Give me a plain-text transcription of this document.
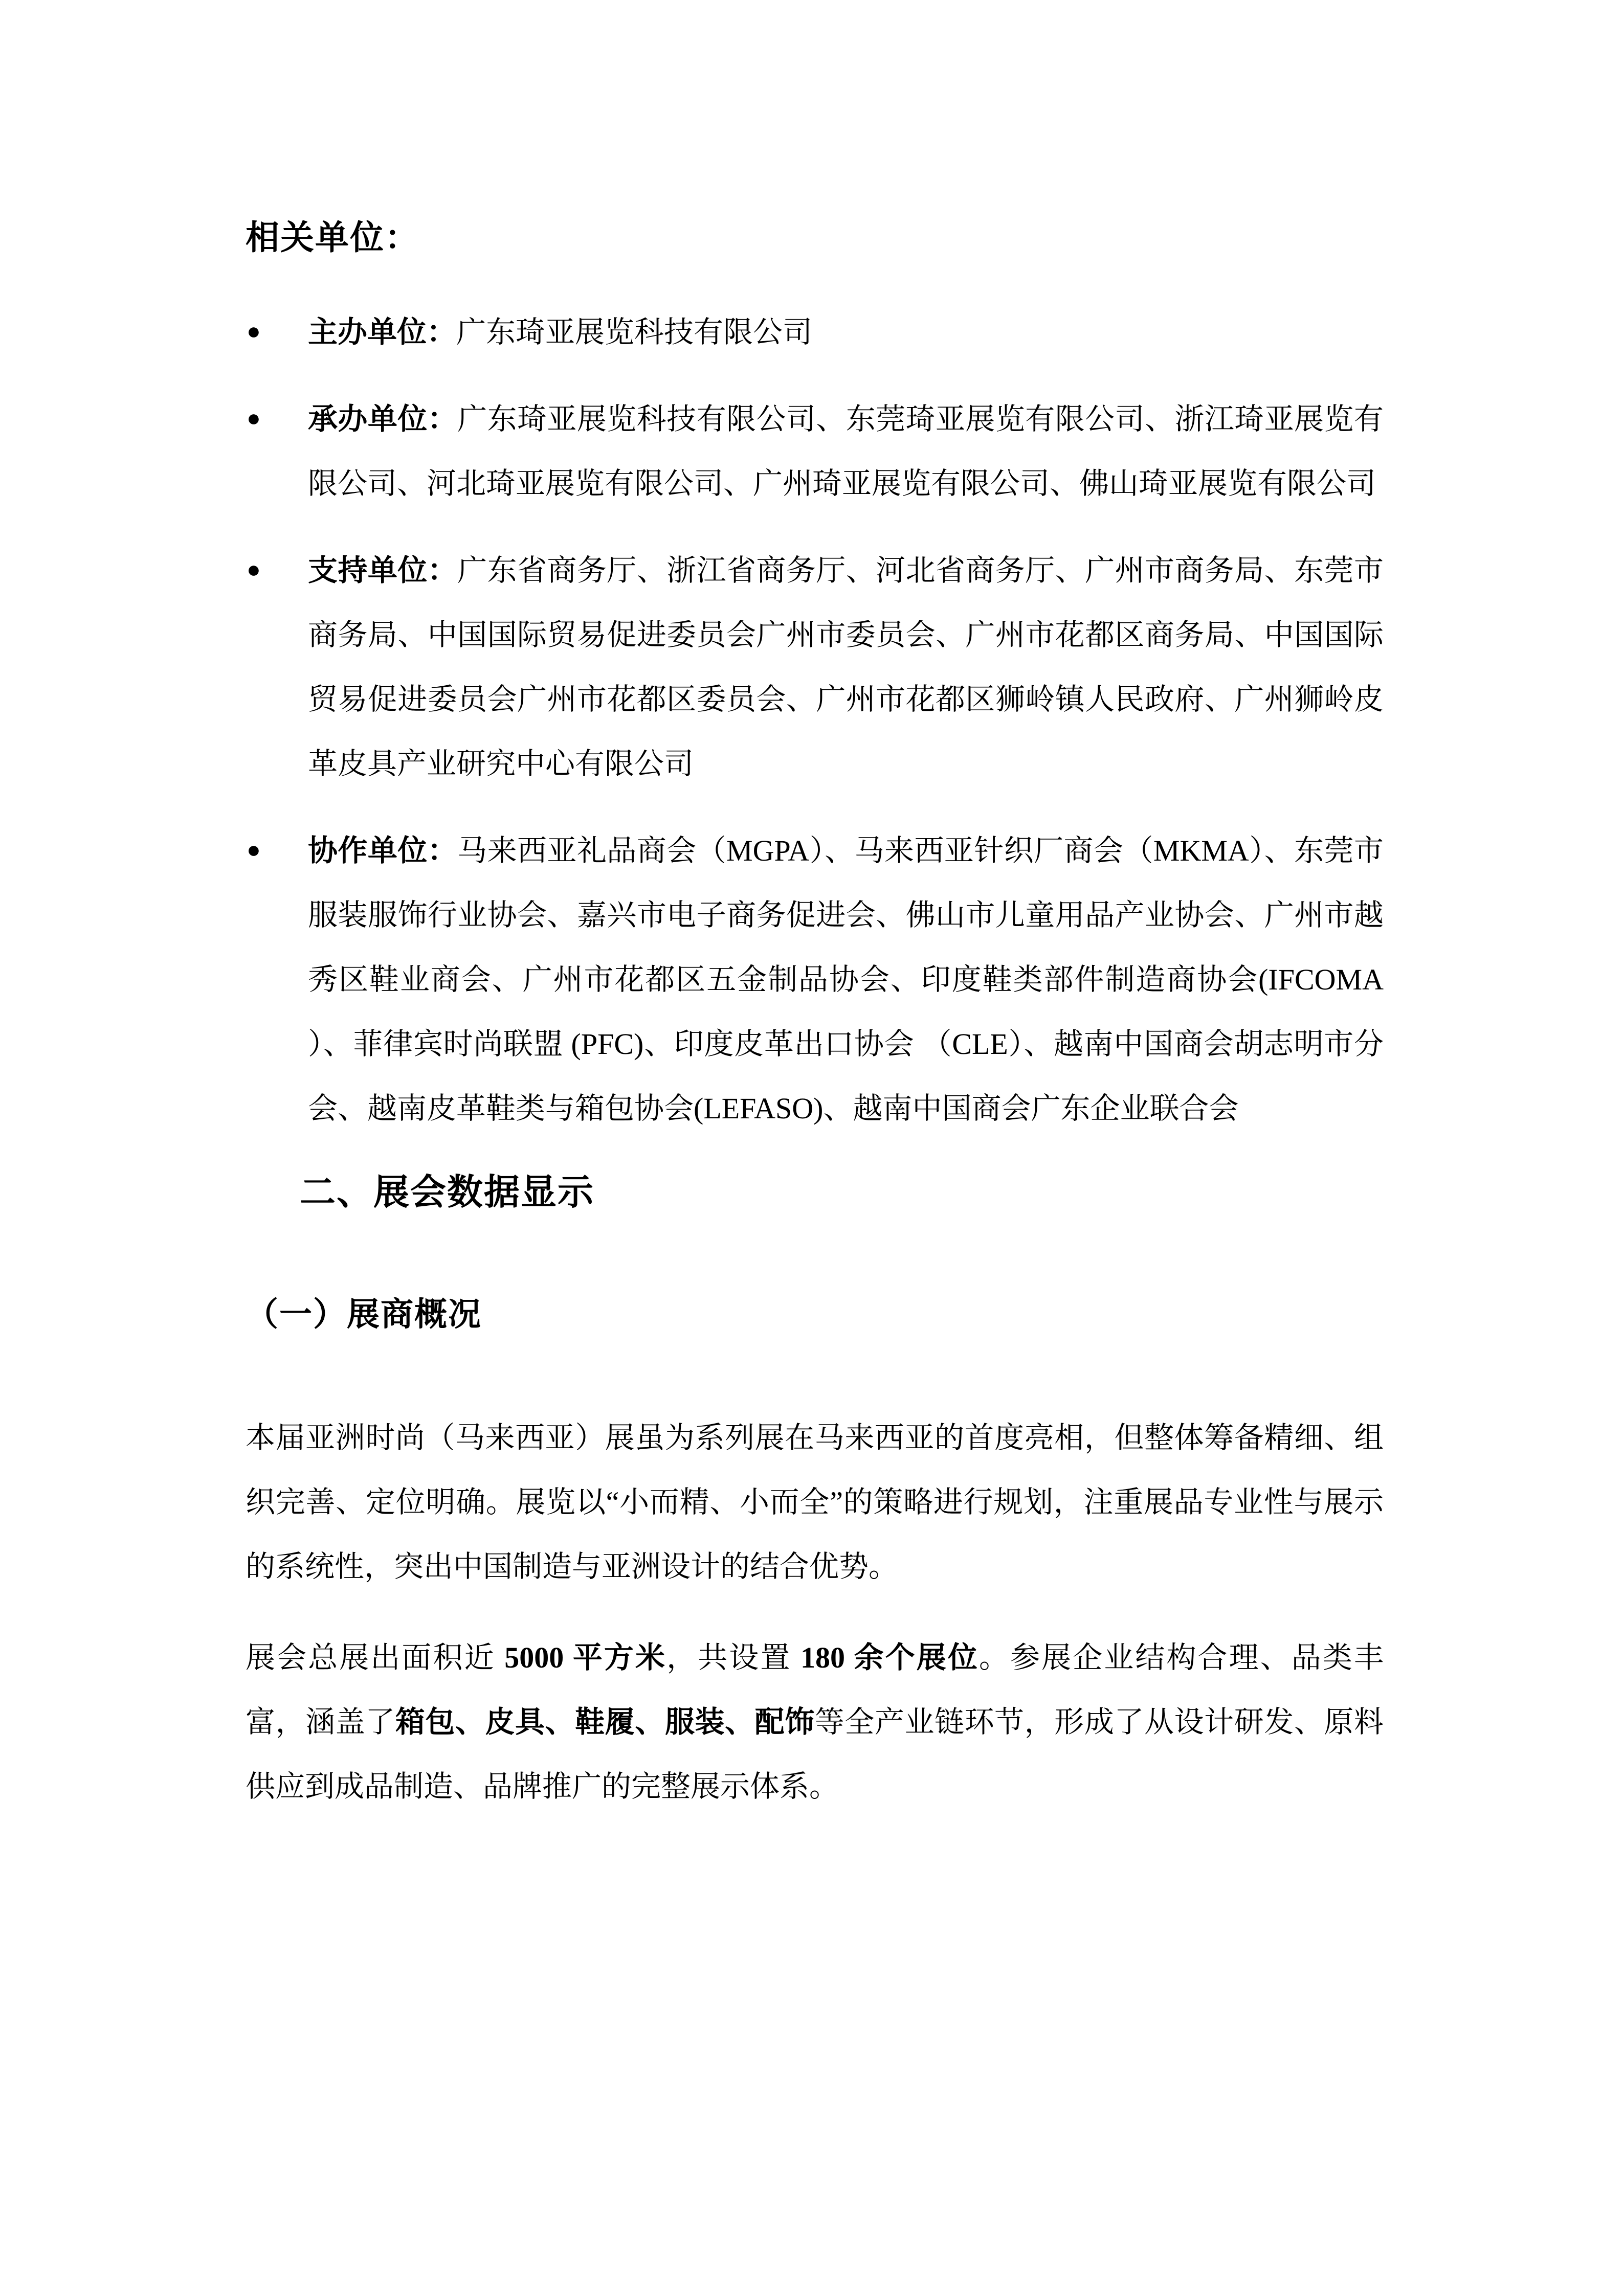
相关单位：
● 主办单位：广东琦亚展览科技有限公司
● 承办单位：广东琦亚展览科技有限公司、东莞琦亚展览有限公司、浙江琦亚展览有限公司、河北琦亚展览有限公司、广州琦亚展览有限公司、佛山琦亚展览有限公司
● 支持单位：广东省商务厅、浙江省商务厅、河北省商务厅、广州市商务局、东莞市商务局、中国国际贸易促进委员会广州市委员会、广州市花都区商务局、中国国际贸易促进委员会广州市花都区委员会、广州市花都区狮岭镇人民政府、广州狮岭皮革皮具产业研究中心有限公司
● 协作单位：马来西亚礼品商会（MGPA）、马来西亚针织厂商会（MKMA）、东莞市服装服饰行业协会、嘉兴市电子商务促进会、佛山市儿童用品产业协会、广州市越秀区鞋业商会、广州市花都区五金制品协会、印度鞋类部件制造商协会(IFCOMA ）、菲律宾时尚联盟 (PFC)、印度皮革出口协会 （CLE）、越南中国商会胡志明市分会、越南皮革鞋类与箱包协会(LEFASO)、越南中国商会广东企业联合会
二、展会数据显示
（一）展商概况

本届亚洲时尚（马来西亚）展虽为系列展在马来西亚的首度亮相，但整体筹备精细、组织完善、定位明确。展览以“小而精、小而全”的策略进行规划，注重展品专业性与展示的系统性，突出中国制造与亚洲设计的结合优势。

展会总展出面积近 5000 平方米，共设置 180 余个展位。参展企业结构合理、品类丰富，涵盖了箱包、皮具、鞋履、服装、配饰等全产业链环节，形成了从设计研发、原料供应到成品制造、品牌推广的完整展示体系。
